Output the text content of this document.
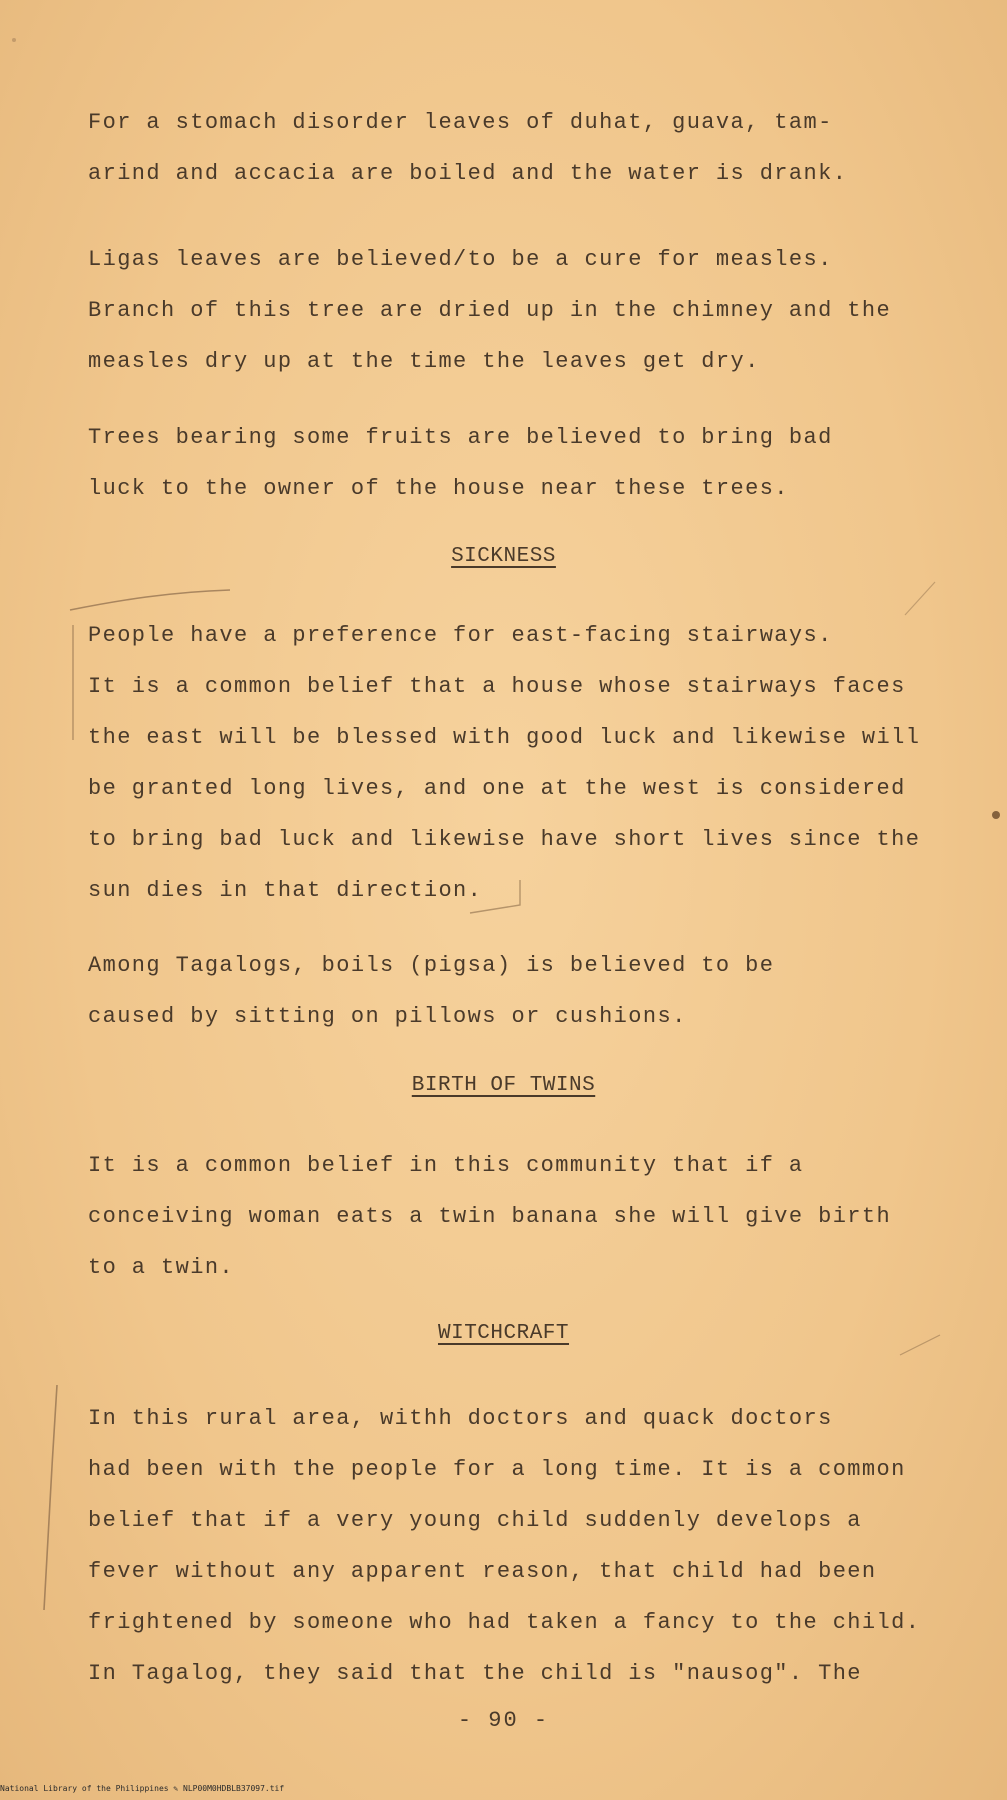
For a stomach disorder leaves of duhat, guava, tam-
arind and accacia are boiled and the water is drank.
Ligas leaves are believed/to be a cure for measles.
Branch of this tree are dried up in the chimney and the
measles dry up at the time the leaves get dry.
Trees bearing some fruits are believed to bring bad
luck to the owner of the house near these trees.
SICKNESS
People have a preference for east-facing stairways.
It is a common belief that a house whose stairways faces
the east will be blessed with good luck and likewise will
be granted long lives, and one at the west is considered
to bring bad luck and likewise have short lives since the
sun dies in that direction.
Among Tagalogs, boils (pigsa) is believed to be
caused by sitting on pillows or cushions.
BIRTH OF TWINS
It is a common belief in this community that if a
conceiving woman eats a twin banana she will give birth
to a twin.
WITCHCRAFT
In this rural area, withh doctors and quack doctors
had been with the people for a long time. It is a common
belief that if a very young child suddenly develops a
fever without any apparent reason, that child had been
frightened by someone who had taken a fancy to the child.
In Tagalog, they said that the child is "nausog". The
- 90 -
National Library of the Philippines ✎ NLP00M0HDBLB37097.tif
